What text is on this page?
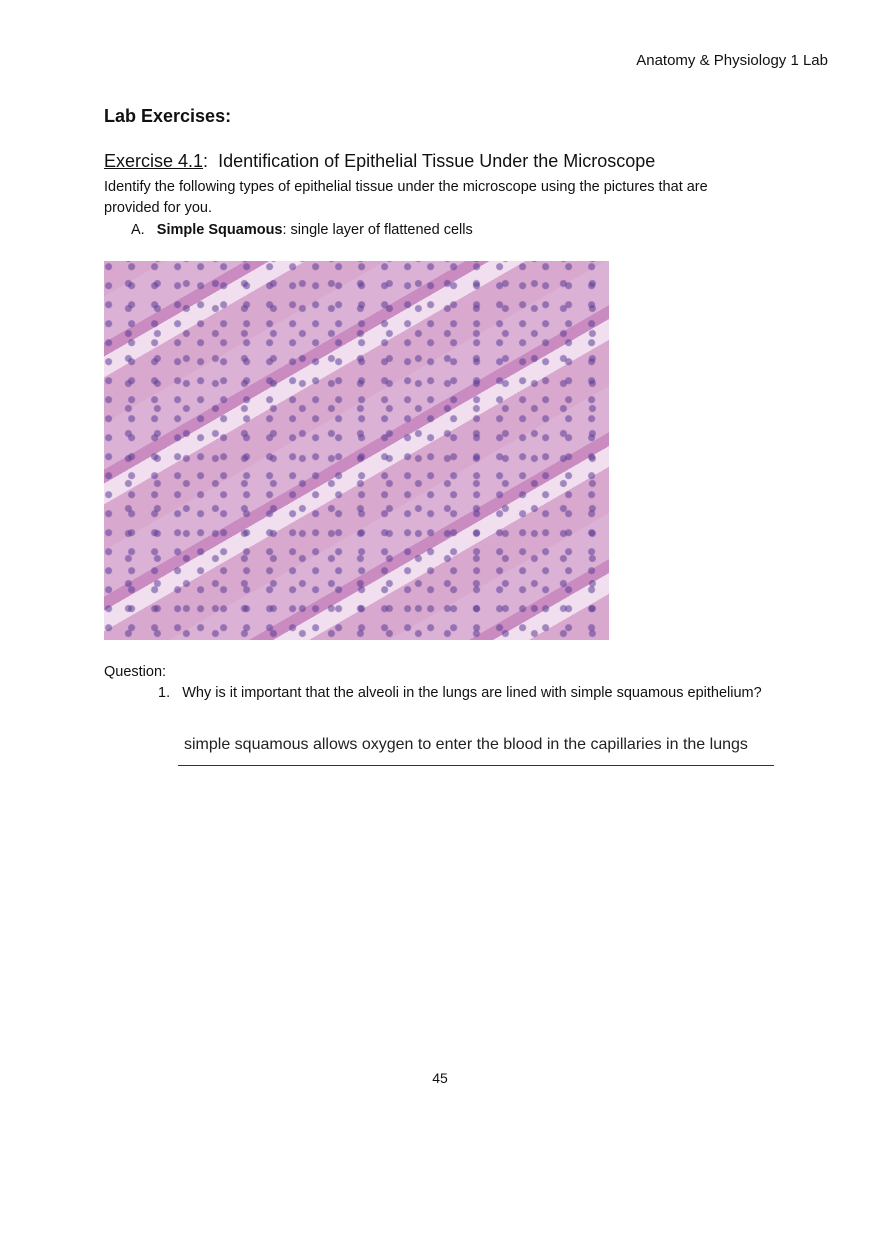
Anatomy & Physiology 1 Lab
Lab Exercises:
Exercise 4.1: Identification of Epithelial Tissue Under the Microscope
Identify the following types of epithelial tissue under the microscope using the pictures that are
provided for you.
A. Simple Squamous: single layer of flattened cells
Question:
1. Why is it important that the alveoli in the lungs are lined with simple squamous epithelium?
simple squamous allows oxygen to enter the blood in the capillaries in the lungs
45
